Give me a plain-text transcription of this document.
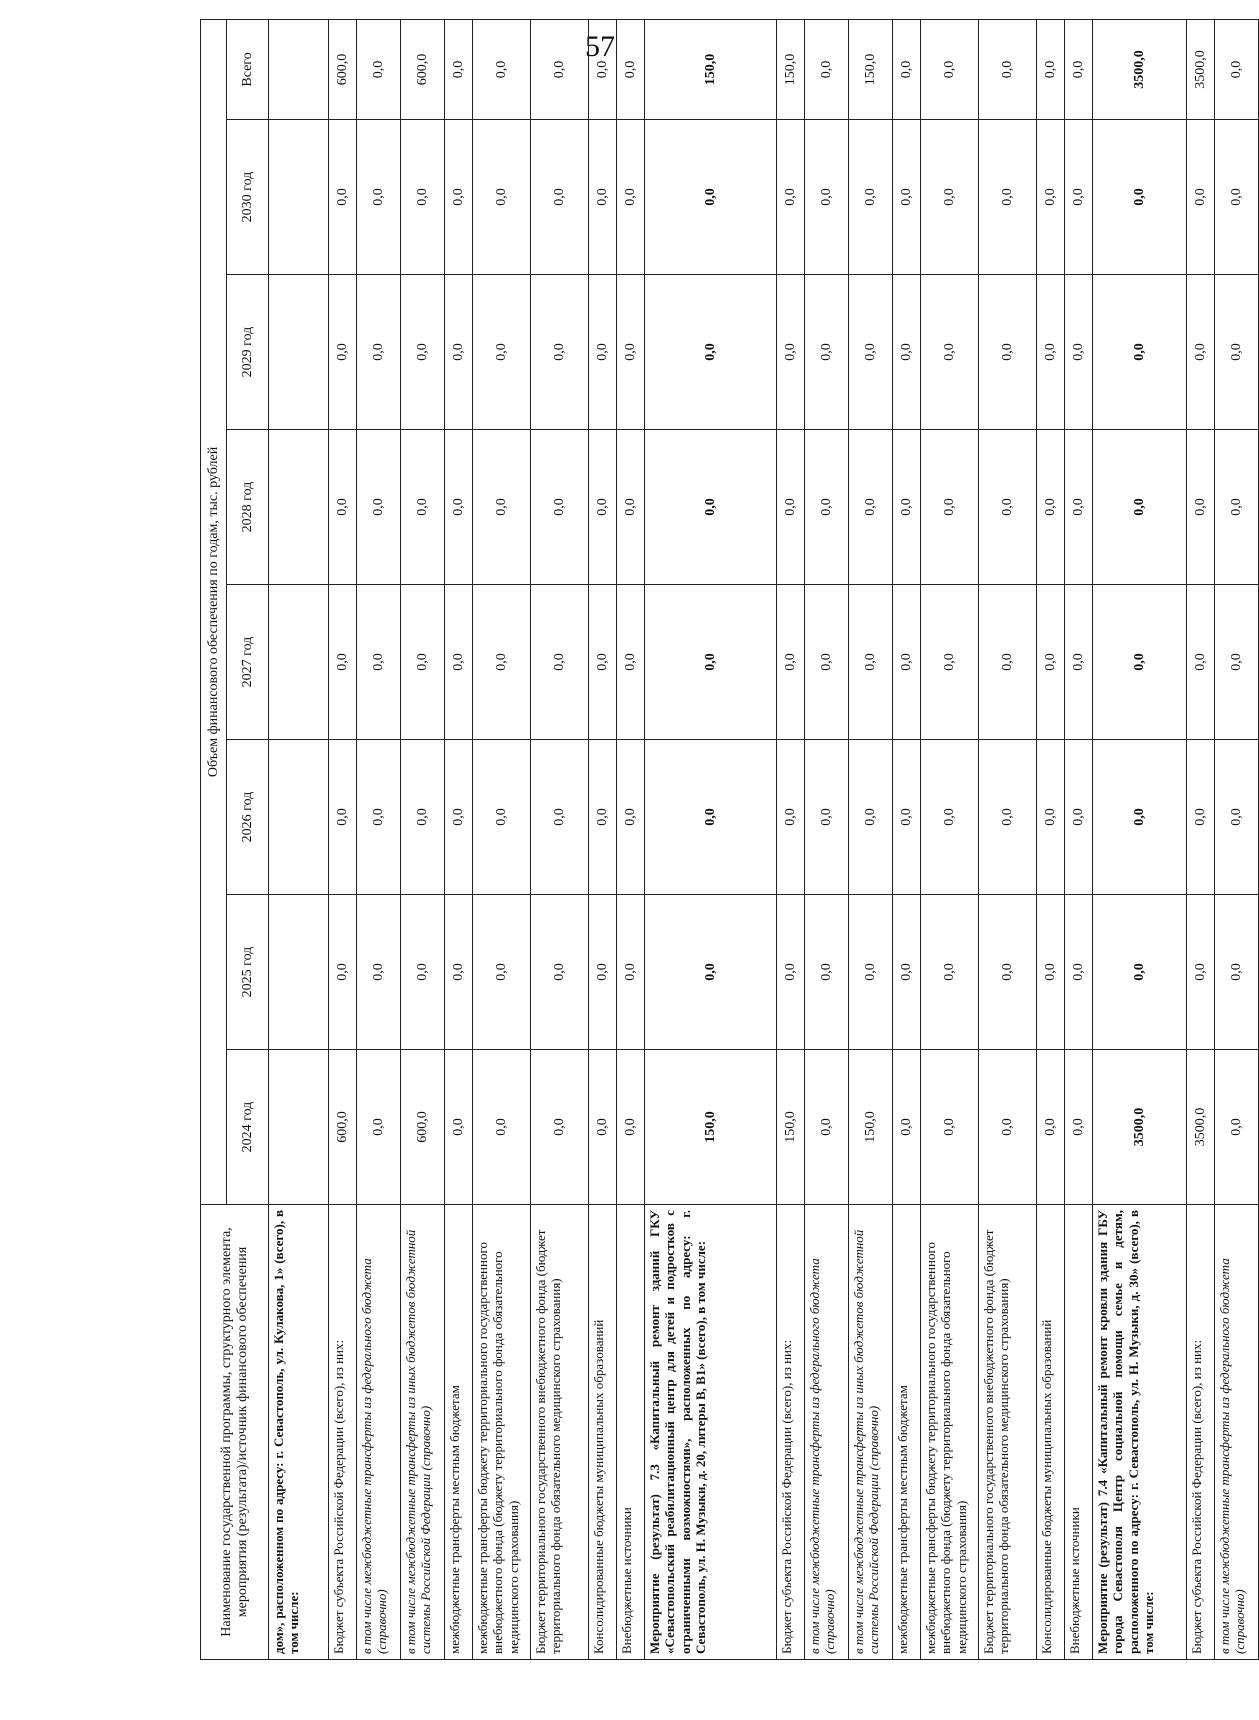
57
Наименование государственной программы, структурного элемента, мероприятия (результата)/источник финансового обеспечения	Объем финансового обеспечения по годам, тыс. рублей							
	2024 год	2025 год	2026 год	2027 год	2028 год	2029 год	2030 год	Всего
дом», расположенном по адресу: г. Севастополь, ул. Кулакова, 1» (всего), в том числе:								
Бюджет субъекта Российской Федерации (всего), из них:	600,0	0,0	0,0	0,0	0,0	0,0	0,0	600,0
в том числе межбюджетные трансферты из федерального бюджета (справочно)	0,0	0,0	0,0	0,0	0,0	0,0	0,0	0,0
в том числе межбюджетные трансферты из иных бюджетов бюджетной системы Российской Федерации (справочно)	600,0	0,0	0,0	0,0	0,0	0,0	0,0	600,0
межбюджетные трансферты местным бюджетам	0,0	0,0	0,0	0,0	0,0	0,0	0,0	0,0
межбюджетные трансферты бюджету территориального государственного внебюджетного фонда (бюджету территориального фонда обязательного медицинского страхования)	0,0	0,0	0,0	0,0	0,0	0,0	0,0	0,0
Бюджет территориального государственного внебюджетного фонда (бюджет территориального фонда обязательного медицинского страхования)	0,0	0,0	0,0	0,0	0,0	0,0	0,0	0,0
Консолидированные бюджеты муниципальных образований	0,0	0,0	0,0	0,0	0,0	0,0	0,0	0,0
Внебюджетные источники	0,0	0,0	0,0	0,0	0,0	0,0	0,0	0,0
Мероприятие (результат) 7.3 «Капитальный ремонт зданий ГКУ «Севастопольский реабилитационный центр для детей и подростков с ограниченными возможностями», расположенных по адресу: г. Севастополь, ул. Н. Музыки, д. 20, литеры В, В1» (всего), в том числе:	150,0	0,0	0,0	0,0	0,0	0,0	0,0	150,0
Бюджет субъекта Российской Федерации (всего), из них:	150,0	0,0	0,0	0,0	0,0	0,0	0,0	150,0
в том числе межбюджетные трансферты из федерального бюджета (справочно)	0,0	0,0	0,0	0,0	0,0	0,0	0,0	0,0
в том числе межбюджетные трансферты из иных бюджетов бюджетной системы Российской Федерации (справочно)	150,0	0,0	0,0	0,0	0,0	0,0	0,0	150,0
межбюджетные трансферты местным бюджетам	0,0	0,0	0,0	0,0	0,0	0,0	0,0	0,0
межбюджетные трансферты бюджету территориального государственного внебюджетного фонда (бюджету территориального фонда обязательного медицинского страхования)	0,0	0,0	0,0	0,0	0,0	0,0	0,0	0,0
Бюджет территориального государственного внебюджетного фонда (бюджет территориального фонда обязательного медицинского страхования)	0,0	0,0	0,0	0,0	0,0	0,0	0,0	0,0
Консолидированные бюджеты муниципальных образований	0,0	0,0	0,0	0,0	0,0	0,0	0,0	0,0
Внебюджетные источники	0,0	0,0	0,0	0,0	0,0	0,0	0,0	0,0
Мероприятие (результат) 7.4 «Капитальный ремонт кровли здания ГБУ города Севастополя Центр социальной помощи семье и детям, расположенного по адресу: г. Севастополь, ул. Н. Музыки, д. 30» (всего), в том числе:	3500,0	0,0	0,0	0,0	0,0	0,0	0,0	3500,0
Бюджет субъекта Российской Федерации (всего), из них:	3500,0	0,0	0,0	0,0	0,0	0,0	0,0	3500,0
в том числе межбюджетные трансферты из федерального бюджета (справочно)	0,0	0,0	0,0	0,0	0,0	0,0	0,0	0,0
